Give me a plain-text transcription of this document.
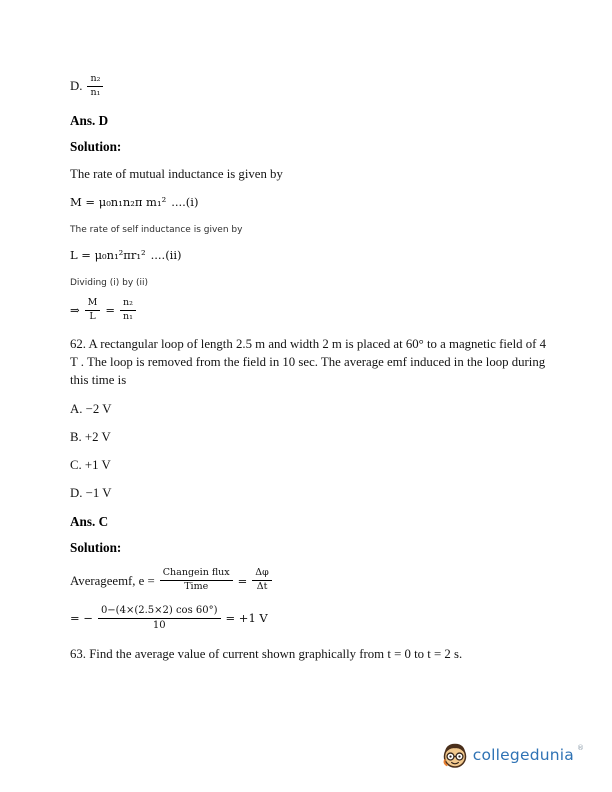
D. $\frac{\text{n₂}}{\text{n₁}}$

Ans. D

Solution:

The rate of mutual inductance is given by

M = μ₀n₁n₂π m₁² ....(i)

The rate of self inductance is given by

L = μ₀n₁²πr₁² ....(ii)

Dividing (i) by (ii)

⇒ $\frac{M}{L} = \frac{\text{n₂}}{\text{n₁}}$

62. A rectangular loop of length 2.5 m and width 2 m is placed at 60° to a magnetic field of 4 T . The loop is removed from the field in 10 sec. The average emf induced in the loop during this time is

A. −2 V

B. +2 V

C. +1 V

D. −1 V

Ans. C

Solution:

Averageemf, $e = \frac{\text{Changein flux}}{\text{Time}} = \frac{\Delta\varphi}{\Delta t}$
= − $\frac{0-(4\times(2.5\times 2) \cos 60^\circ)}{10} = +1$ V

63. Find the average value of current shown graphically from t = 0 to t = 2 s.

collegedunia ®
